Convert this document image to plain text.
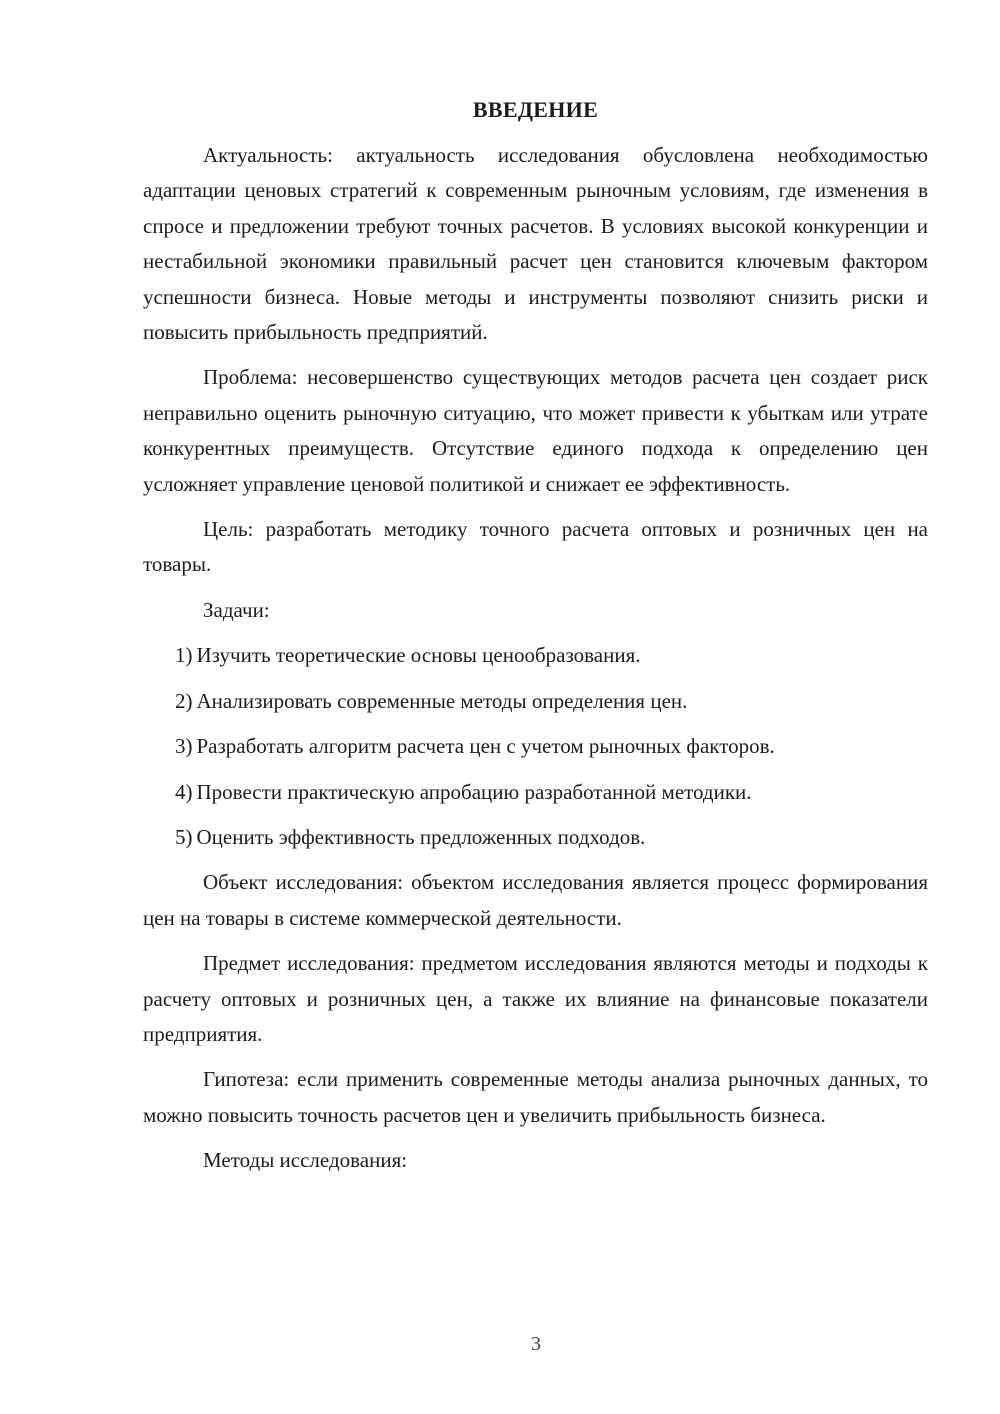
ВВЕДЕНИЕ

Актуальность: актуальность исследования обусловлена необходимостью адаптации ценовых стратегий к современным рыночным условиям, где изменения в спросе и предложении требуют точных расчетов. В условиях высокой конкуренции и нестабильной экономики правильный расчет цен становится ключевым фактором успешности бизнеса. Новые методы и инструменты позволяют снизить риски и повысить прибыльность предприятий.

Проблема: несовершенство существующих методов расчета цен создает риск неправильно оценить рыночную ситуацию, что может привести к убыткам или утрате конкурентных преимуществ. Отсутствие единого подхода к определению цен усложняет управление ценовой политикой и снижает ее эффективность.

Цель: разработать методику точного расчета оптовых и розничных цен на товары.

Задачи:

1) Изучить теоретические основы ценообразования.
2) Анализировать современные методы определения цен.
3) Разработать алгоритм расчета цен с учетом рыночных факторов.
4) Провести практическую апробацию разработанной методики.
5) Оценить эффективность предложенных подходов.

Объект исследования: объектом исследования является процесс формирования цен на товары в системе коммерческой деятельности.

Предмет исследования: предметом исследования являются методы и подходы к расчету оптовых и розничных цен, а также их влияние на финансовые показатели предприятия.

Гипотеза: если применить современные методы анализа рыночных данных, то можно повысить точность расчетов цен и увеличить прибыльность бизнеса.

Методы исследования:

3
